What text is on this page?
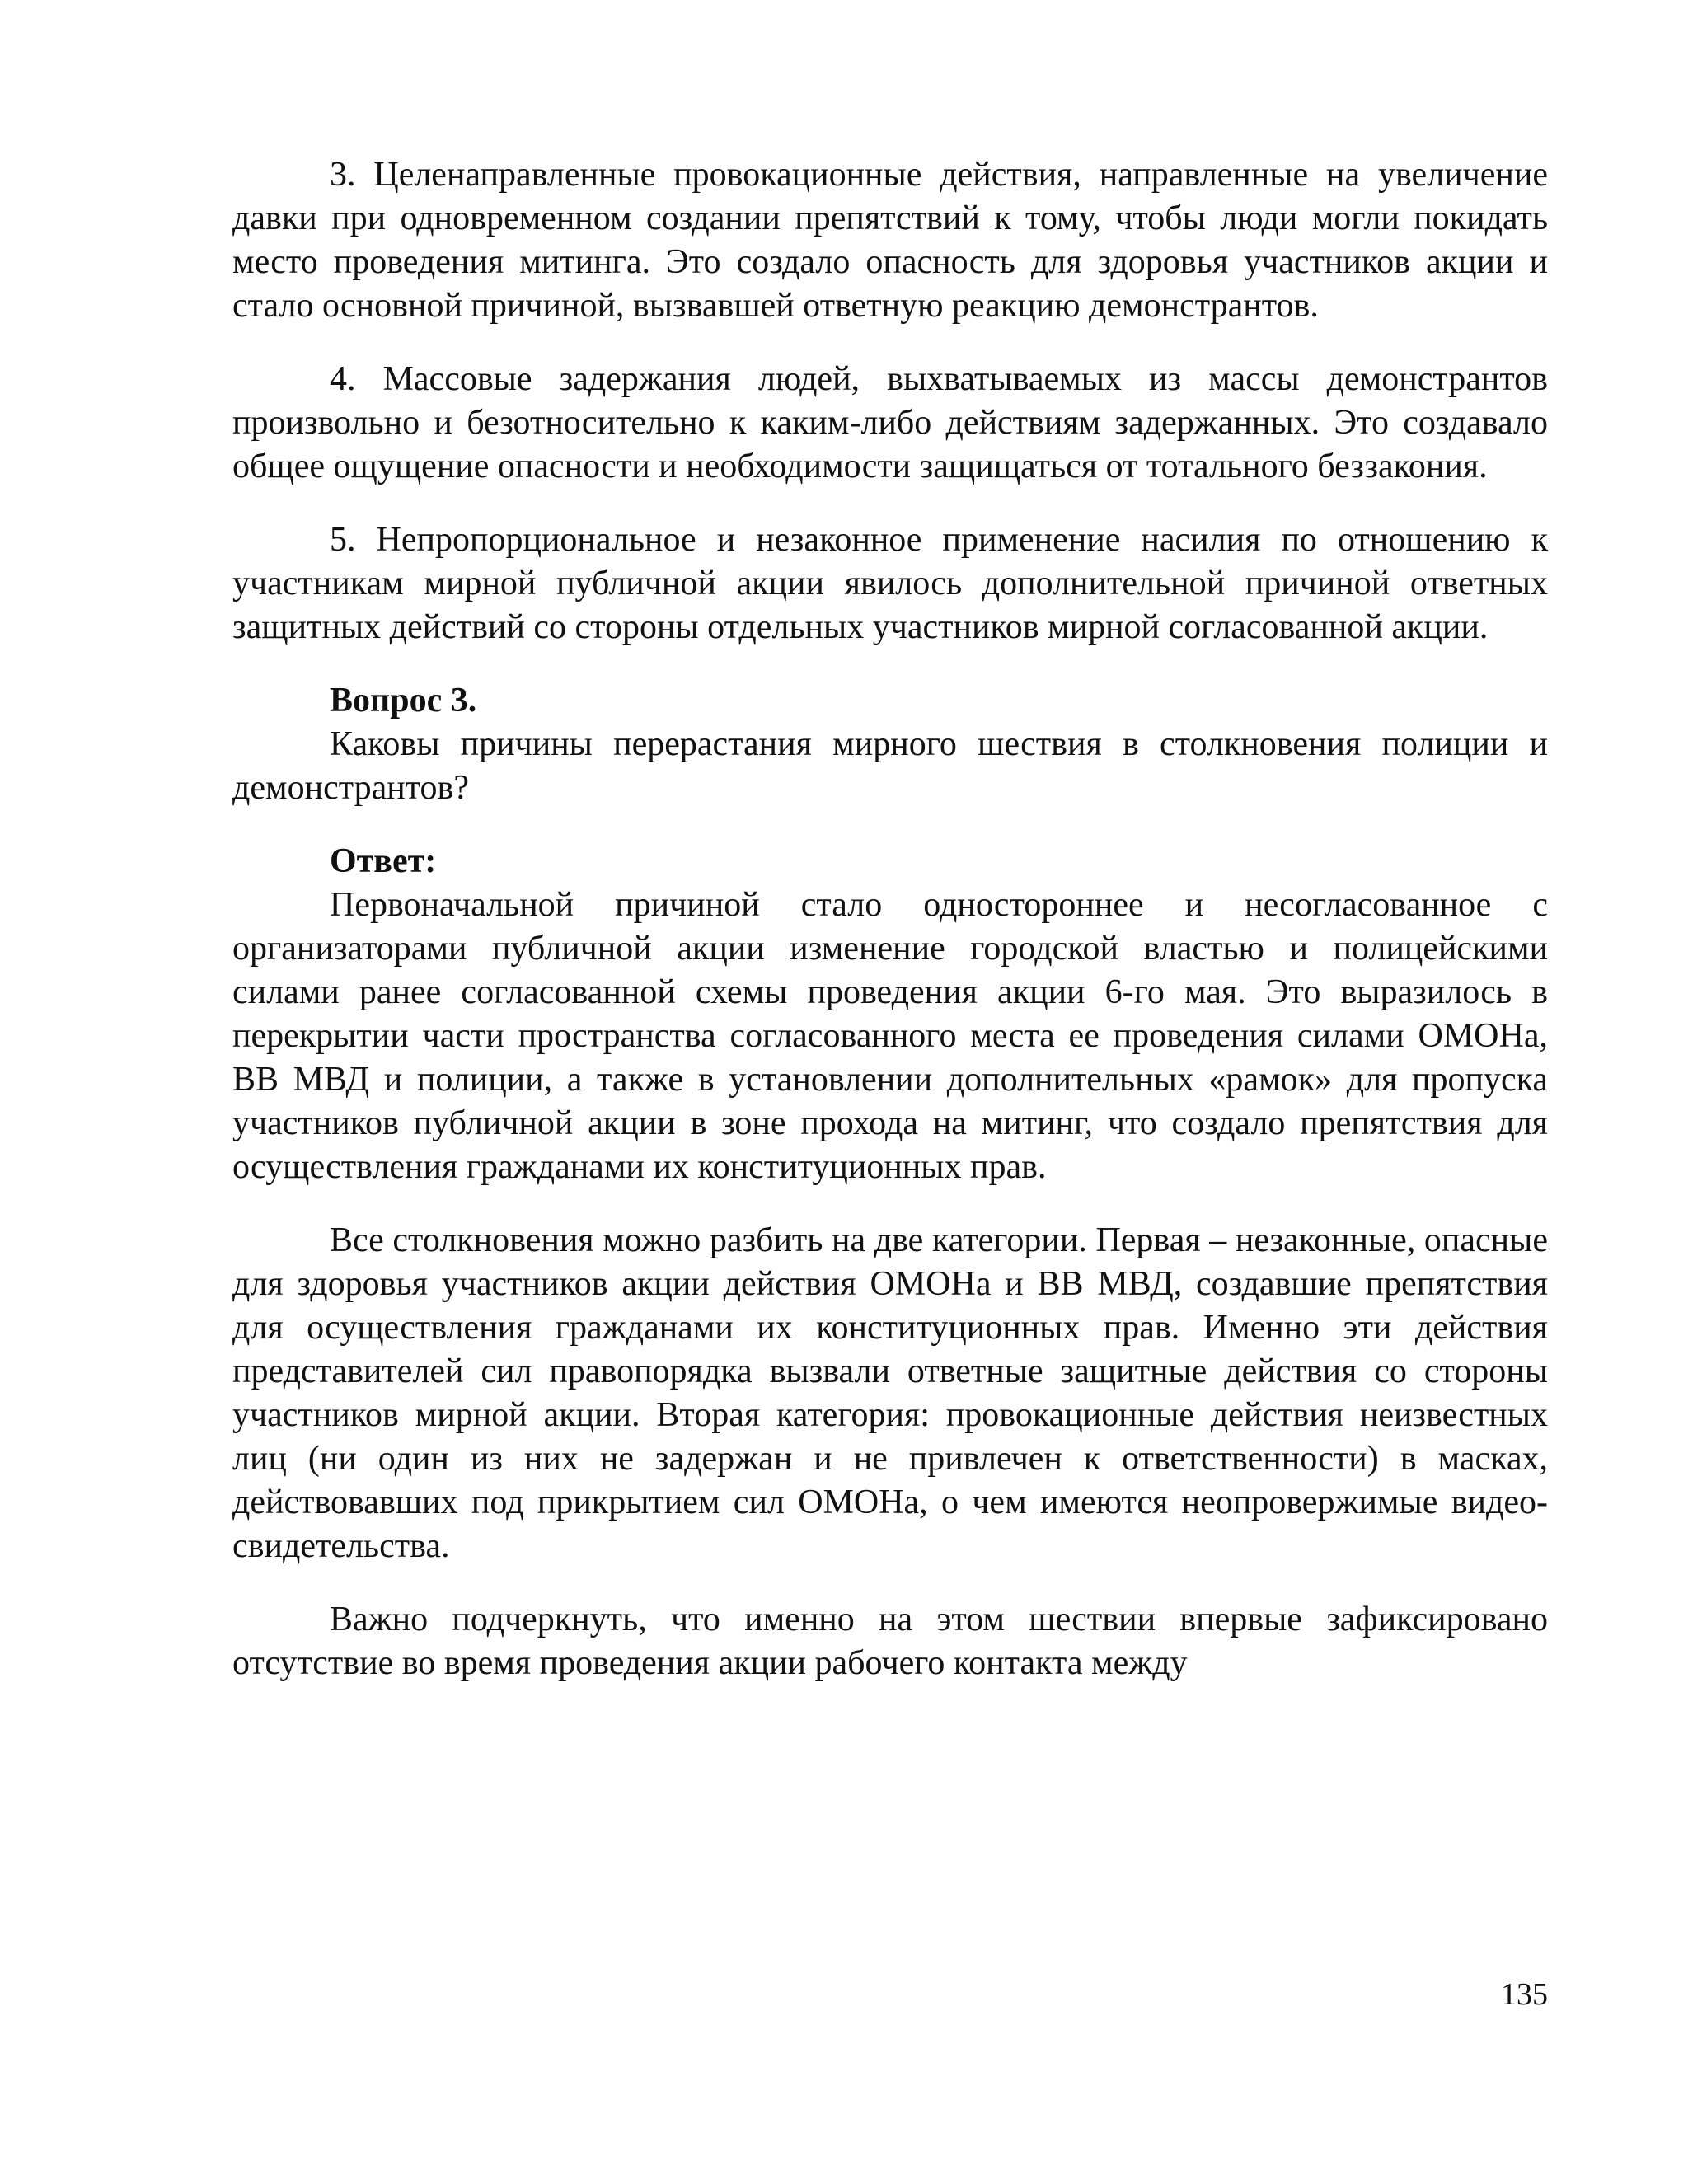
3. Целенаправленные провокационные действия, направленные на увеличение давки при одновременном создании препятствий к тому, чтобы люди могли покидать место проведения митинга. Это создало опасность для здоровья участников акции и стало основной причиной, вызвавшей ответную реакцию демонстрантов.

4. Массовые задержания людей, выхватываемых из массы демонстрантов произвольно и безотносительно к каким-либо действиям задержанных. Это создавало общее ощущение опасности и необходимости защищаться от тотального беззакония.

5. Непропорциональное и незаконное применение насилия по отношению к участникам мирной публичной акции явилось дополнительной причиной ответных защитных действий со стороны отдельных участников мирной согласованной акции.

Вопрос 3.

Каковы причины перерастания мирного шествия в столкновения полиции и демонстрантов?

Ответ:

Первоначальной причиной стало одностороннее и несогласованное с организаторами публичной акции изменение городской властью и полицейскими силами ранее согласованной схемы проведения акции 6-го мая. Это выразилось в перекрытии части пространства согласованного места ее проведения силами ОМОНа, ВВ МВД и полиции, а также в установлении дополнительных «рамок» для пропуска участников публичной акции в зоне прохода на митинг, что создало препятствия для осуществления гражданами их конституционных прав.

Все столкновения можно разбить на две категории. Первая – незаконные, опасные для здоровья участников акции действия ОМОНа и ВВ МВД, создавшие препятствия для осуществления гражданами их конституционных прав. Именно эти действия представителей сил правопорядка вызвали ответные защитные действия со стороны участников мирной акции. Вторая категория: провокационные действия неизвестных лиц (ни один из них не задержан и не привлечен к ответственности) в масках, действовавших под прикрытием сил ОМОНа, о чем имеются неопровержимые видео-свидетельства.

Важно подчеркнуть, что именно на этом шествии впервые зафиксировано отсутствие во время проведения акции рабочего контакта между

135
